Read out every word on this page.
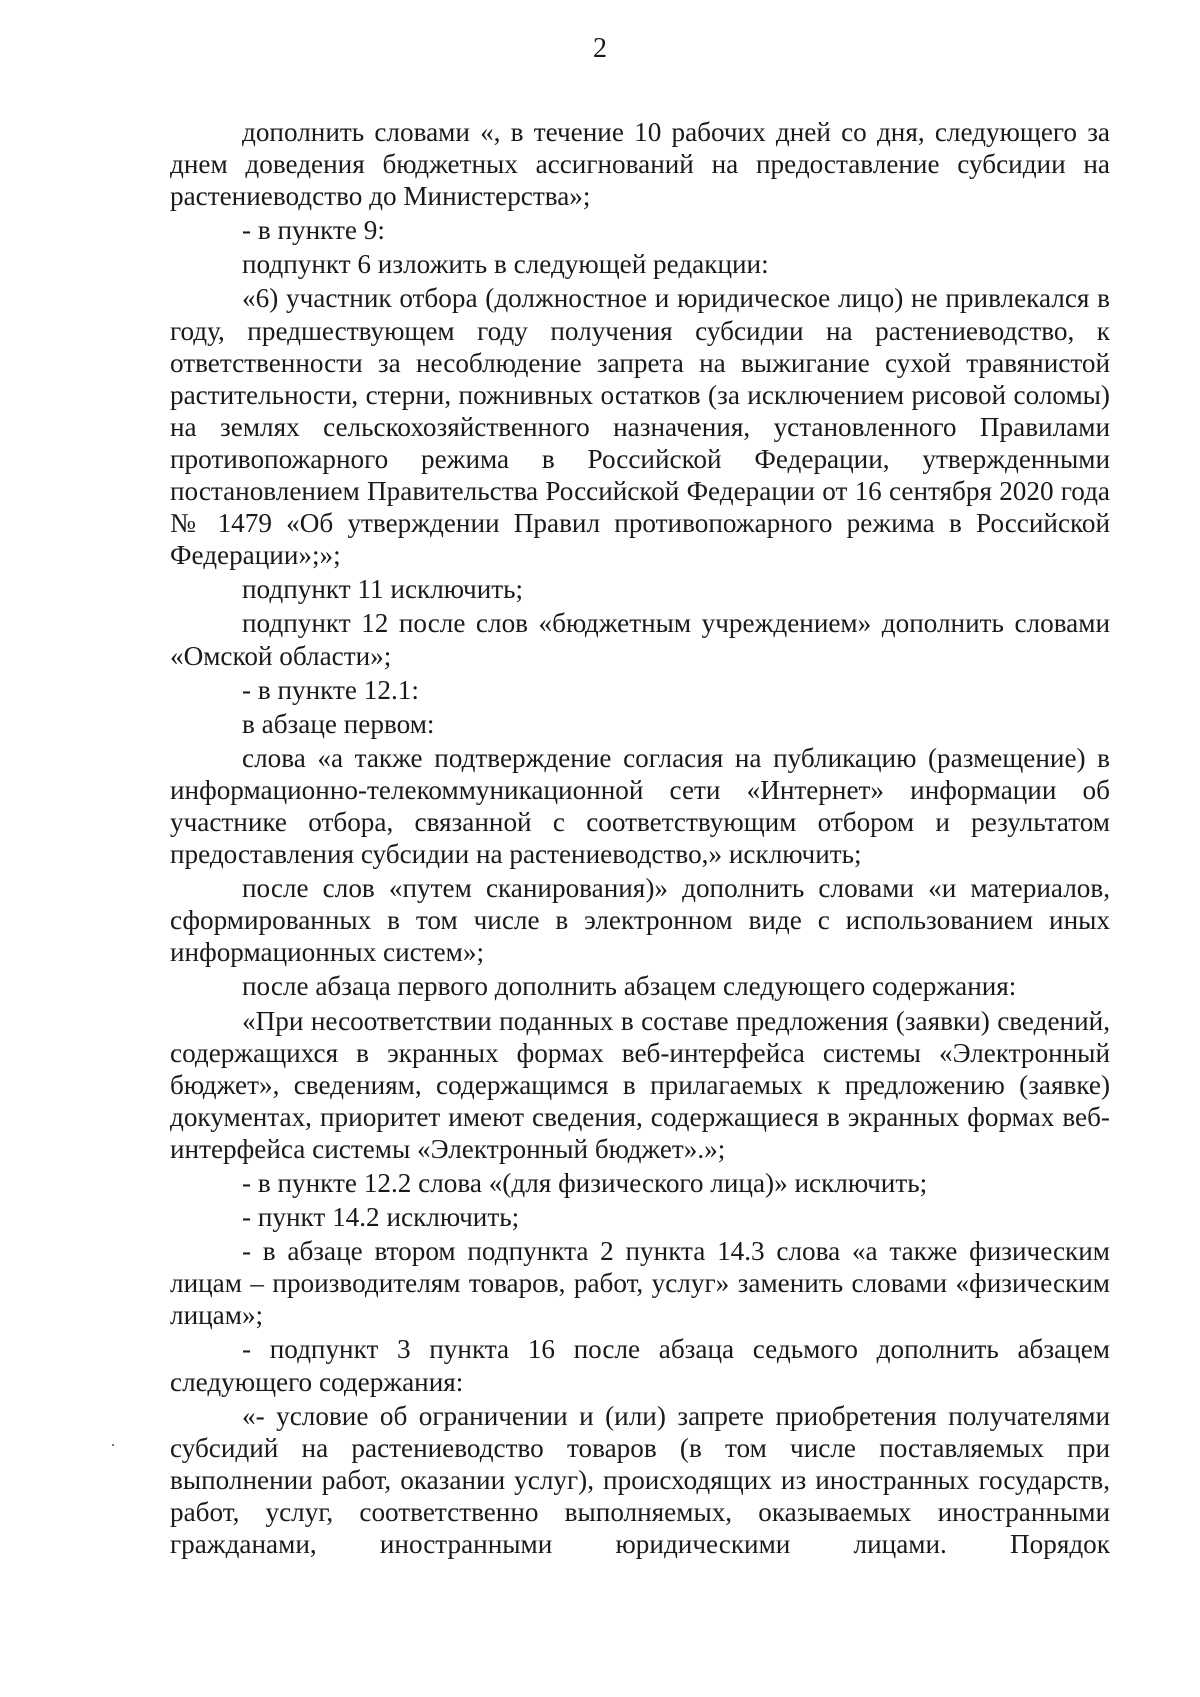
2

дополнить словами «, в течение 10 рабочих дней со дня, следующего за днем доведения бюджетных ассигнований на предоставление субсидии на растениеводство до Министерства»;

- в пункте 9:

подпункт 6 изложить в следующей редакции:

«6) участник отбора (должностное и юридическое лицо) не привлекался в году, предшествующем году получения субсидии на растениеводство, к ответственности за несоблюдение запрета на выжигание сухой травянистой растительности, стерни, пожнивных остатков (за исключением рисовой соломы) на землях сельскохозяйственного назначения, установленного Правилами противопожарного режима в Российской Федерации, утвержденными постановлением Правительства Российской Федерации от 16 сентября 2020 года № 1479 «Об утверждении Правил противопожарного режима в Российской Федерации»;»;

подпункт 11 исключить;

подпункт 12 после слов «бюджетным учреждением» дополнить словами «Омской области»;

- в пункте 12.1:

в абзаце первом:

слова «а также подтверждение согласия на публикацию (размещение) в информационно-телекоммуникационной сети «Интернет» информации об участнике отбора, связанной с соответствующим отбором и результатом предоставления субсидии на растениеводство,» исключить;

после слов «путем сканирования)» дополнить словами «и материалов, сформированных в том числе в электронном виде с использованием иных информационных систем»;

после абзаца первого дополнить абзацем следующего содержания:

«При несоответствии поданных в составе предложения (заявки) сведений, содержащихся в экранных формах веб-интерфейса системы «Электронный бюджет», сведениям, содержащимся в прилагаемых к предложению (заявке) документах, приоритет имеют сведения, содержащиеся в экранных формах веб-интерфейса системы «Электронный бюджет».»;

- в пункте 12.2 слова «(для физического лица)» исключить;

- пункт 14.2 исключить;

- в абзаце втором подпункта 2 пункта 14.3 слова «а также физическим лицам – производителям товаров, работ, услуг» заменить словами «физическим лицам»;

- подпункт 3 пункта 16 после абзаца седьмого дополнить абзацем следующего содержания:

«- условие об ограничении и (или) запрете приобретения получателями субсидий на растениеводство товаров (в том числе поставляемых при выполнении работ, оказании услуг), происходящих из иностранных государств, работ, услуг, соответственно выполняемых, оказываемых иностранными гражданами, иностранными юридическими лицами. Порядок
